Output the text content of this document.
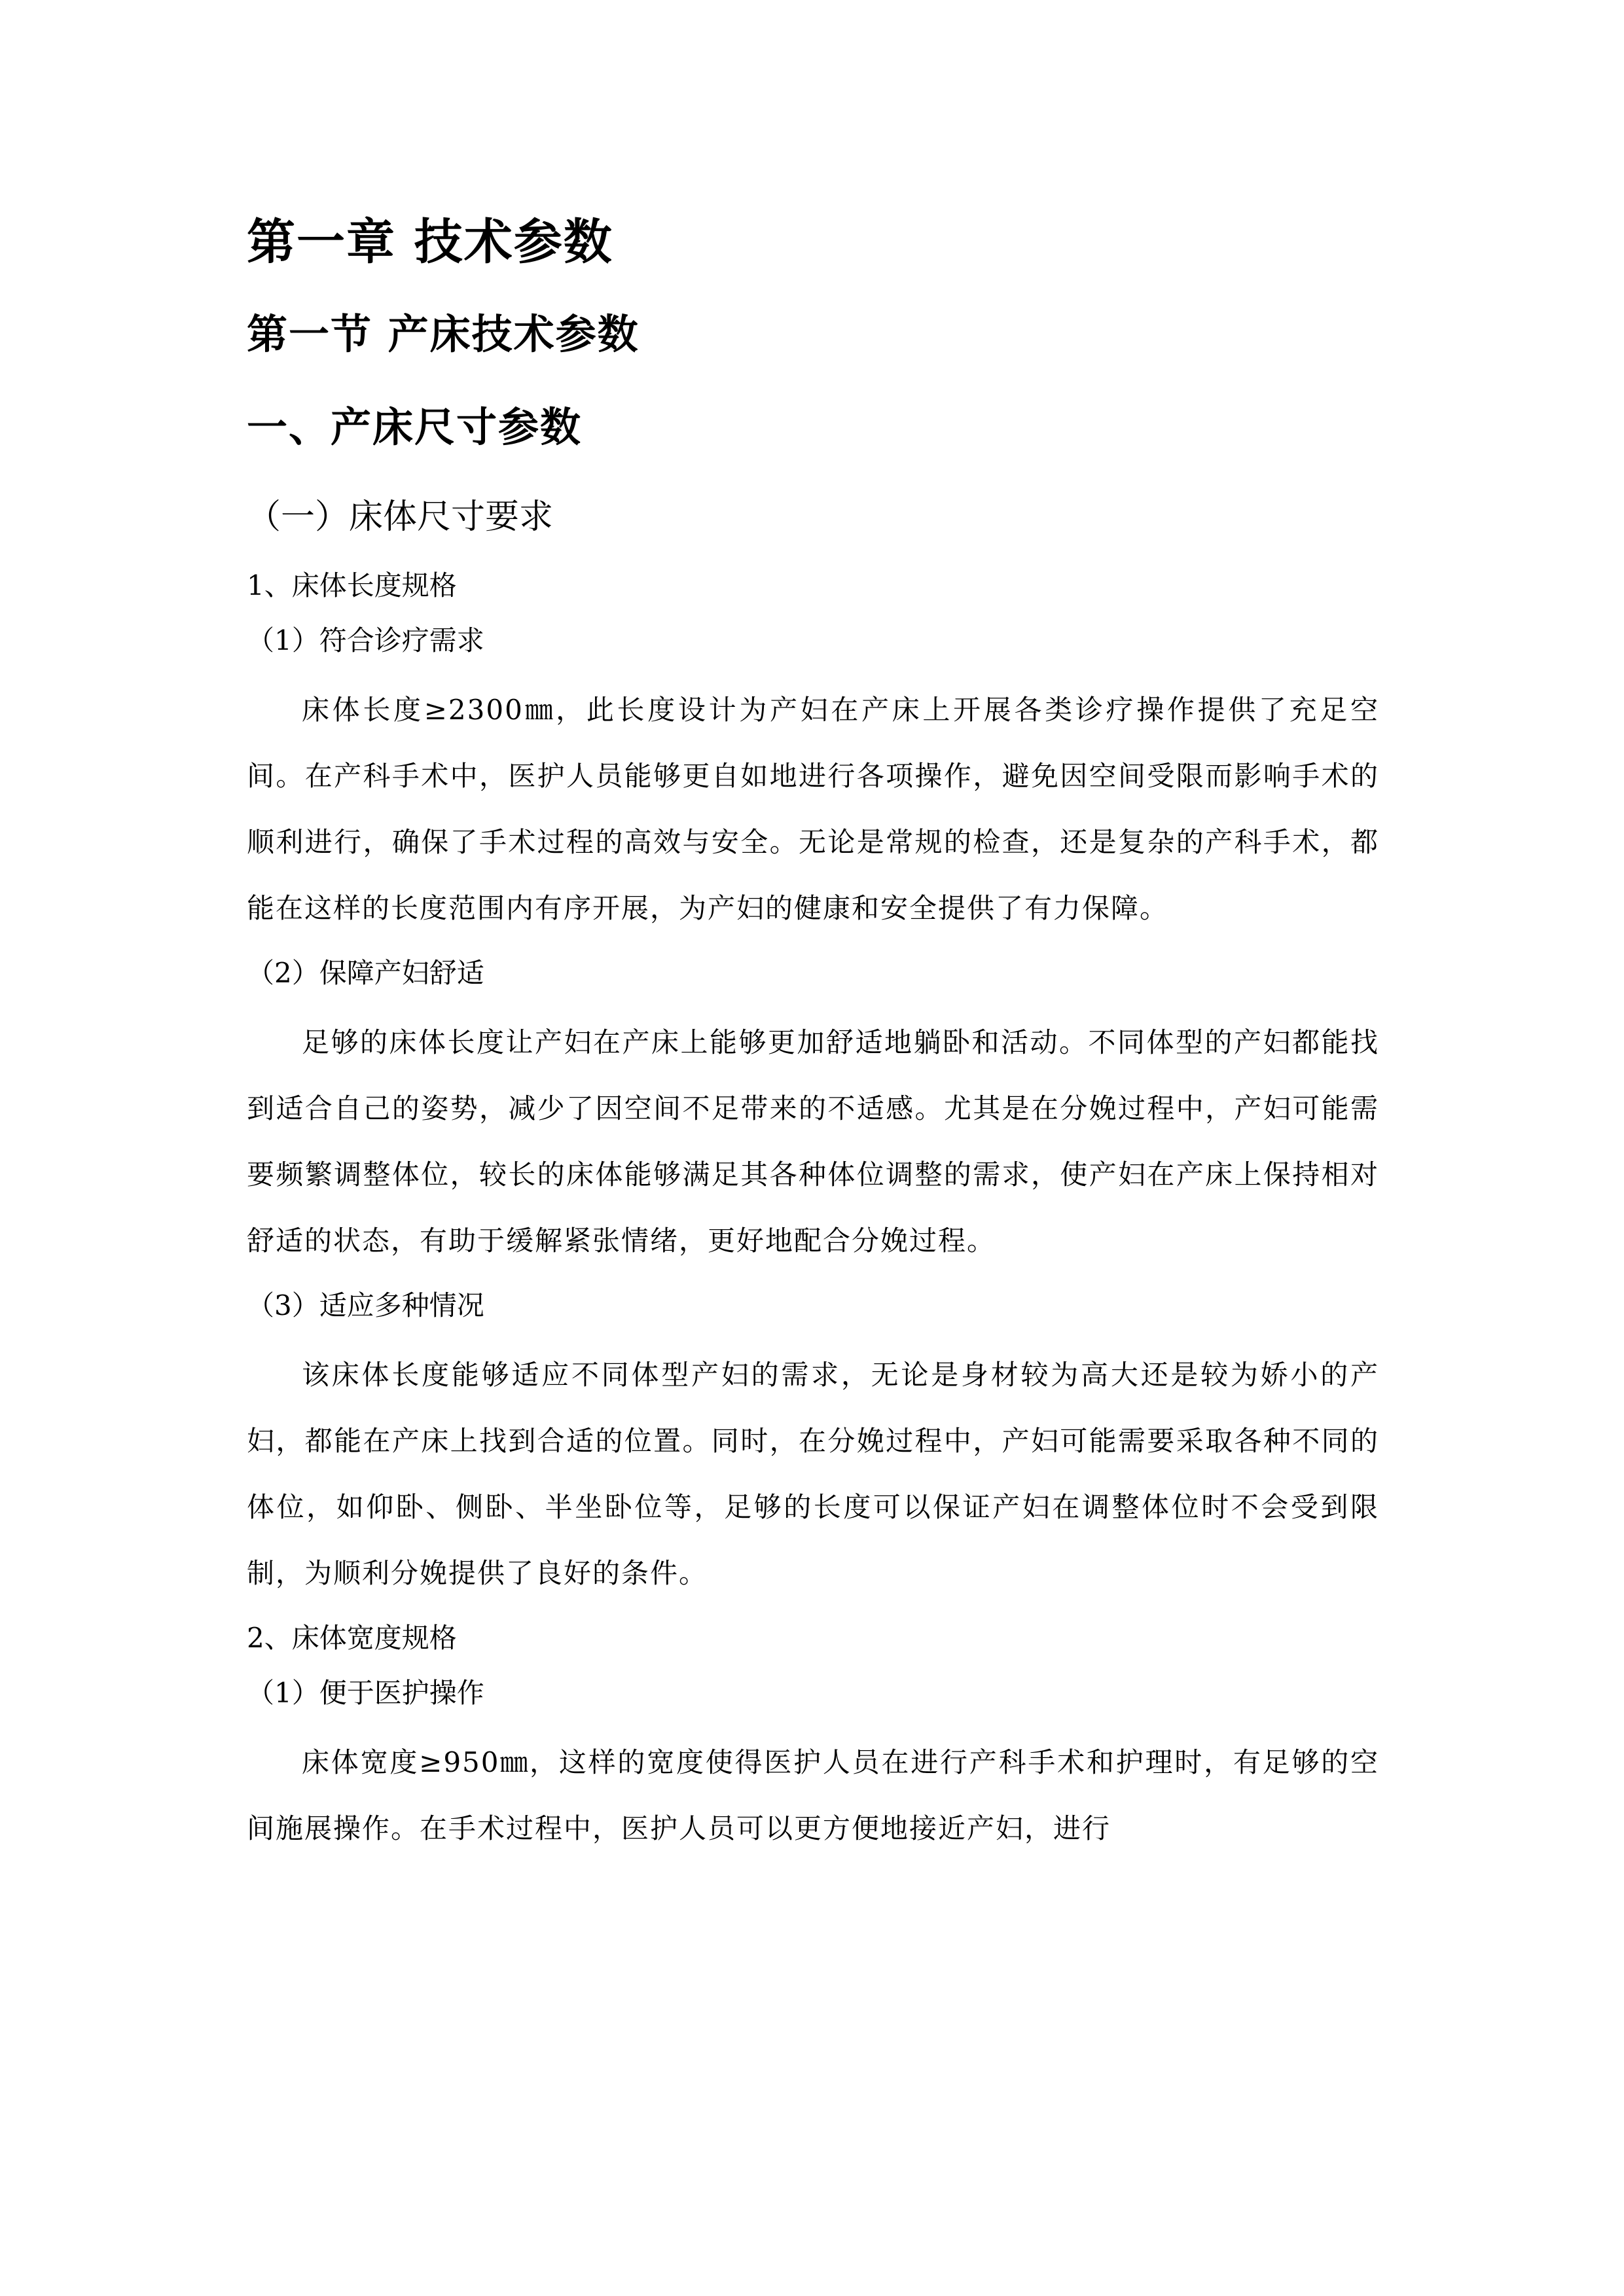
第一章 技术参数
第一节 产床技术参数
一、产床尺寸参数
（一）床体尺寸要求
1、床体长度规格
（1）符合诊疗需求
床体长度≥2300㎜，此长度设计为产妇在产床上开展各类诊疗操作提供了充足空间。在产科手术中，医护人员能够更自如地进行各项操作，避免因空间受限而影响手术的顺利进行，确保了手术过程的高效与安全。无论是常规的检查，还是复杂的产科手术，都能在这样的长度范围内有序开展，为产妇的健康和安全提供了有力保障。
（2）保障产妇舒适
足够的床体长度让产妇在产床上能够更加舒适地躺卧和活动。不同体型的产妇都能找到适合自己的姿势，减少了因空间不足带来的不适感。尤其是在分娩过程中，产妇可能需要频繁调整体位，较长的床体能够满足其各种体位调整的需求，使产妇在产床上保持相对舒适的状态，有助于缓解紧张情绪，更好地配合分娩过程。
（3）适应多种情况
该床体长度能够适应不同体型产妇的需求，无论是身材较为高大还是较为娇小的产妇，都能在产床上找到合适的位置。同时，在分娩过程中，产妇可能需要采取各种不同的体位，如仰卧、侧卧、半坐卧位等，足够的长度可以保证产妇在调整体位时不会受到限制，为顺利分娩提供了良好的条件。
2、床体宽度规格
（1）便于医护操作
床体宽度≥950㎜，这样的宽度使得医护人员在进行产科手术和护理时，有足够的空间施展操作。在手术过程中，医护人员可以更方便地接近产妇，进行
